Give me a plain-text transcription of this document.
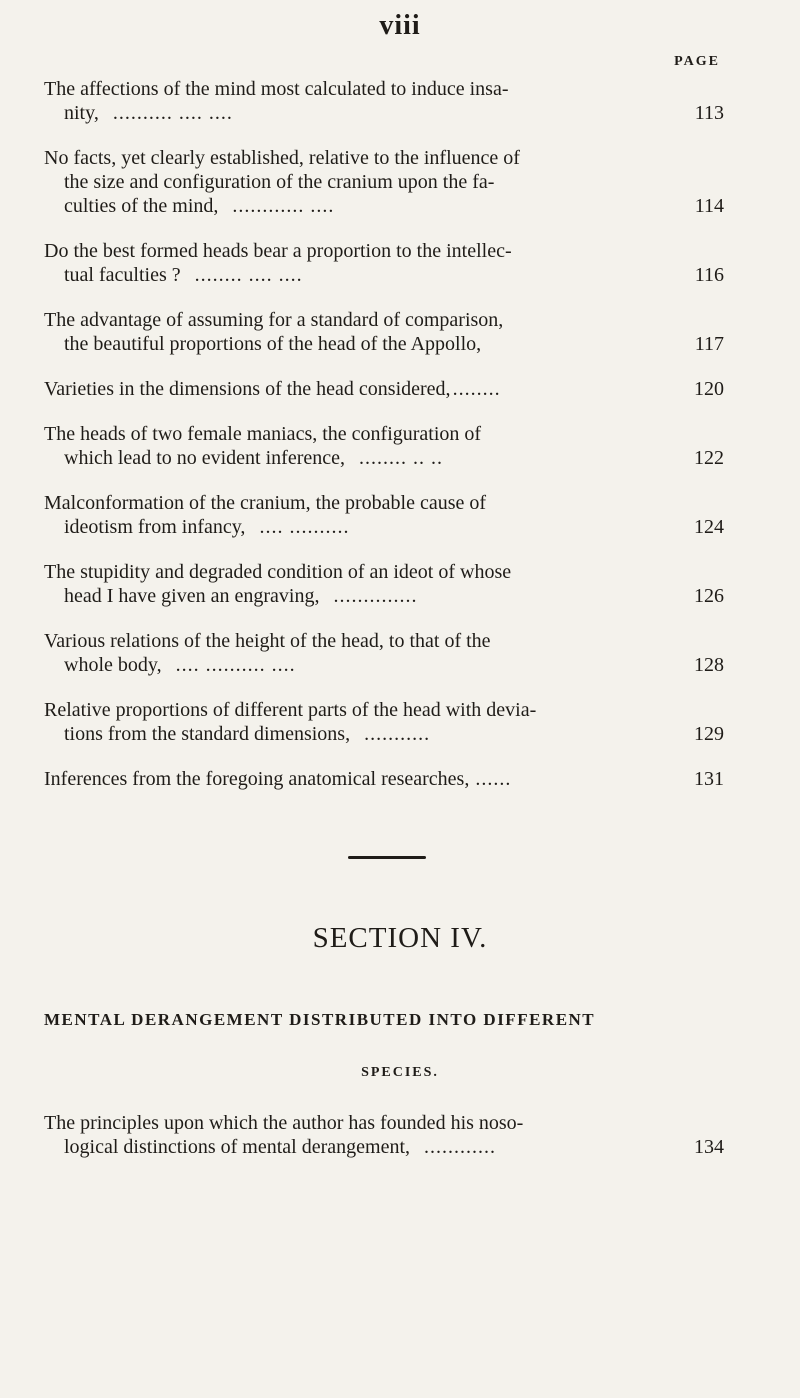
viii
PAGE
The affections of the mind most calculated to induce insa-
nity, .......... .... ....	113
No facts, yet clearly established, relative to the influence of
the size and configuration of the cranium upon the fa-
culties of the mind, ............ ....	114
Do the best formed heads bear a proportion to the intellec-
tual faculties ? ........ .... ....	116
The advantage of assuming for a standard of comparison,
the beautiful proportions of the head of the Appollo,	117
Varieties in the dimensions of the head considered, ........	120
The heads of two female maniacs, the configuration of
which lead to no evident inference, ........ .. ..	122
Malconformation of the cranium, the probable cause of
ideotism from infancy, .... ..........	124
The stupidity and degraded condition of an ideot of whose
head I have given an engraving, ..............	126
Various relations of the height of the head, to that of the
whole body, .... .......... ....	128
Relative proportions of different parts of the head with devia-
tions from the standard dimensions, ...........	129
Inferences from the foregoing anatomical researches, ......	131
SECTION IV.
MENTAL DERANGEMENT DISTRIBUTED INTO DIFFERENT
SPECIES.
The principles upon which the author has founded his noso-
logical distinctions of mental derangement, ............	134
